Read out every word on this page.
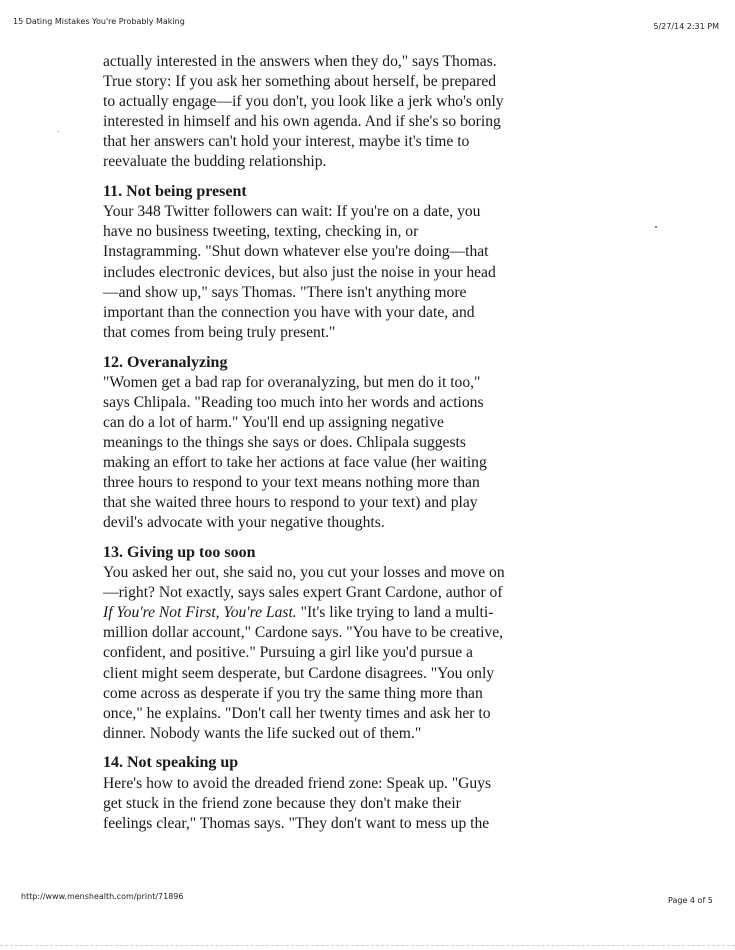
15 Dating Mistakes You're Probably Making
5/27/14 2:31 PM
actually interested in the answers when they do," says Thomas.
True story: If you ask her something about herself, be prepared
to actually engage—if you don't, you look like a jerk who's only
interested in himself and his own agenda. And if she's so boring
that her answers can't hold your interest, maybe it's time to
reevaluate the budding relationship.
11. Not being present
Your 348 Twitter followers can wait: If you're on a date, you
have no business tweeting, texting, checking in, or
Instagramming. "Shut down whatever else you're doing—that
includes electronic devices, but also just the noise in your head
—and show up," says Thomas. "There isn't anything more
important than the connection you have with your date, and
that comes from being truly present."
12. Overanalyzing
"Women get a bad rap for overanalyzing, but men do it too,"
says Chlipala. "Reading too much into her words and actions
can do a lot of harm." You'll end up assigning negative
meanings to the things she says or does. Chlipala suggests
making an effort to take her actions at face value (her waiting
three hours to respond to your text means nothing more than
that she waited three hours to respond to your text) and play
devil's advocate with your negative thoughts.
13. Giving up too soon
You asked her out, she said no, you cut your losses and move on
—right? Not exactly, says sales expert Grant Cardone, author of
If You're Not First, You're Last. "It's like trying to land a multi-
million dollar account," Cardone says. "You have to be creative,
confident, and positive." Pursuing a girl like you'd pursue a
client might seem desperate, but Cardone disagrees. "You only
come across as desperate if you try the same thing more than
once," he explains. "Don't call her twenty times and ask her to
dinner. Nobody wants the life sucked out of them."
14. Not speaking up
Here's how to avoid the dreaded friend zone: Speak up. "Guys
get stuck in the friend zone because they don't make their
feelings clear," Thomas says. "They don't want to mess up the
http://www.menshealth.com/print/71896	Page 4 of 5
